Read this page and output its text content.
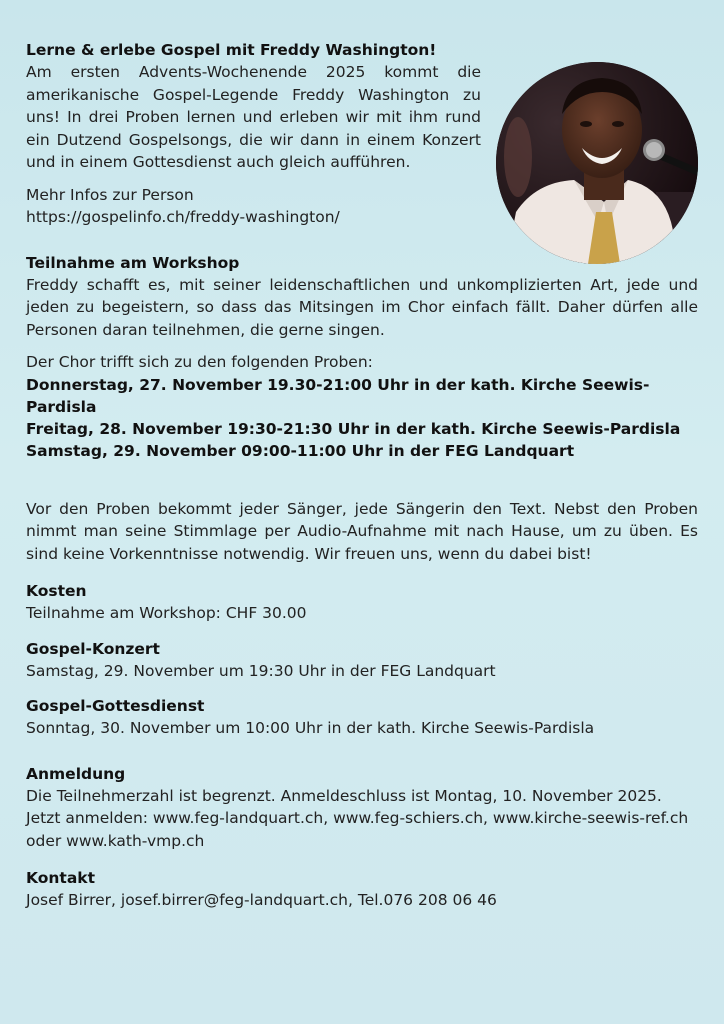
Lerne & erlebe Gospel mit Freddy Washington!

Am ersten Advents-Wochenende 2025 kommt die amerikanische Gospel-Legende Freddy Washington zu uns! In drei Proben lernen und erleben wir mit ihm rund ein Dutzend Gospelsongs, die wir dann in einem Konzert und in einem Gottesdienst auch gleich aufführen.

Mehr Infos zur Person

https://gospelinfo.ch/freddy-washington/

Teilnahme am Workshop

Freddy schafft es, mit seiner leidenschaftlichen und unkomplizierten Art, jede und jeden zu begeistern, so dass das Mitsingen im Chor einfach fällt. Daher dürfen alle Personen daran teilnehmen, die gerne singen.

Der Chor trifft sich zu den folgenden Proben:

Donnerstag, 27. November 19.30-21:00 Uhr in der kath. Kirche Seewis-Pardisla

Freitag, 28. November 19:30-21:30 Uhr in der kath. Kirche Seewis-Pardisla

Samstag, 29. November 09:00-11:00 Uhr in der FEG Landquart

Vor den Proben bekommt jeder Sänger, jede Sängerin den Text. Nebst den Proben nimmt man seine Stimmlage per Audio-Aufnahme mit nach Hause, um zu üben. Es sind keine Vorkenntnisse notwendig. Wir freuen uns, wenn du dabei bist!

Kosten

Teilnahme am Workshop: CHF 30.00

Gospel-Konzert

Samstag, 29. November um 19:30 Uhr in der FEG Landquart

Gospel-Gottesdienst

Sonntag, 30. November um 10:00 Uhr in der kath. Kirche Seewis-Pardisla

Anmeldung

Die Teilnehmerzahl ist begrenzt. Anmeldeschluss ist Montag, 10. November 2025.

Jetzt anmelden: www.feg-landquart.ch, www.feg-schiers.ch, www.kirche-seewis-ref.ch oder www.kath-vmp.ch

Kontakt

Josef Birrer, josef.birrer@feg-landquart.ch, Tel.076 208 06 46
